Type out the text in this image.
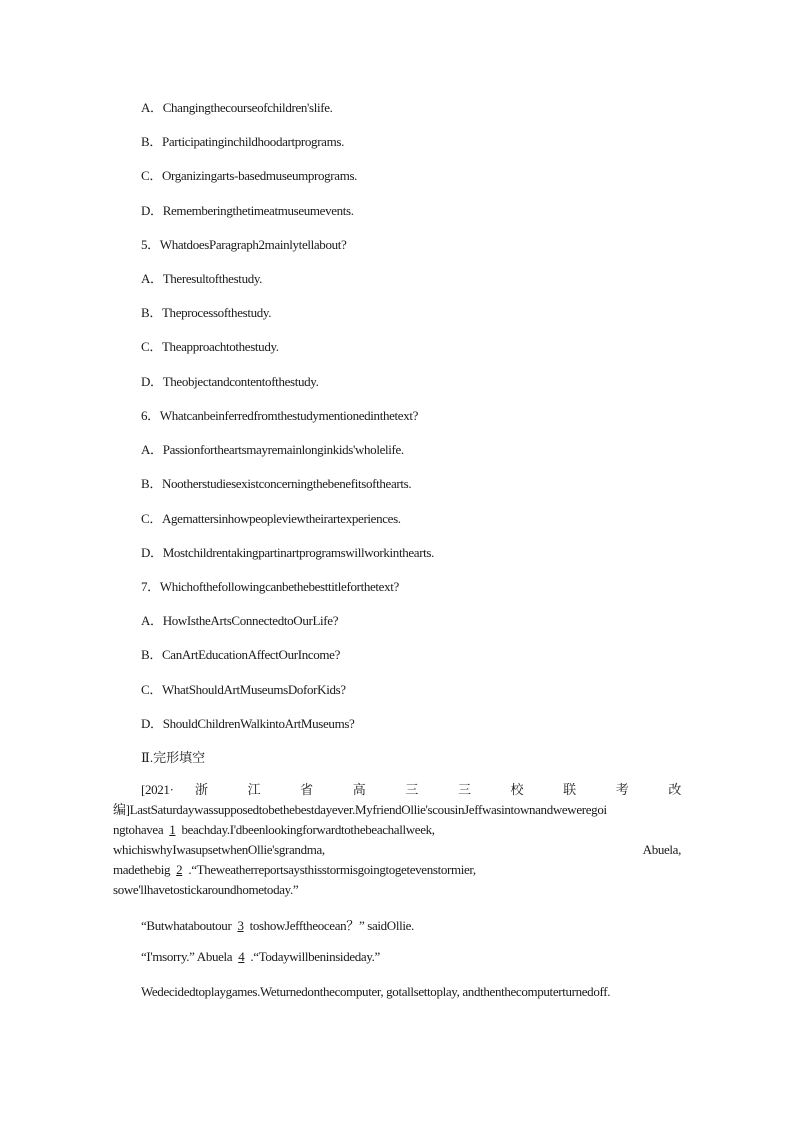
A．Changingthecourseofchildren'slife.
B．Participatinginchildhoodartprograms.
C．Organizingarts-basedmuseumprograms.
D．Rememberingthetimeatmuseumevents.
5．WhatdoesParagraph2mainlytellabout?
A．Theresultofthestudy.
B．Theprocessofthestudy.
C．Theapproachtothestudy.
D．Theobjectandcontentofthestudy.
6．Whatcanbeinferredfromthestudymentionedinthetext?
A．Passionfortheartsmayremainlonginkids'wholelife.
B．Nootherstudiesexistconcerningthebenefitsofthearts.
C．Agemattersinhowpeopleviewtheirartexperiences.
D．Mostchildrentakingpartinartprogramswillworkinthearts.
7．Whichofthefollowingcanbethebesttitleforthetext?
A．HowIstheArtsConnectedtoOurLife?
B．CanArtEducationAffectOurIncome?
C．WhatShouldArtMuseumsDoforKids?
D．ShouldChildrenWalkintoArtMuseums?
Ⅱ.完形填空
[2021· 浙 江 省 高 三 三 校 联 考 改
编]LastSaturdaywassupposedtobethebestdayever.MyfriendOllie'scousinJeffwasintownandweweregoi
ngtohavea 1 beachday.I'dbeenlookingforwardtothebeachallweek,
whichiswhyIwasupsetwhenOllie'sgrandma,	Abuela,
madethebig 2 .“Theweatherreportsaysthisstormisgoingtogetevenstormier,
sowe'llhavetostickaroundhometoday.”
“Butwhataboutour 3 toshowJefftheocean？” saidOllie.
“I'msorry.” Abuela 4 .“Todaywillbeninsideday.”
Wedecidedtoplaygames.Weturnedonthecomputer, gotallsettoplay, andthenthecomputerturnedoff.
